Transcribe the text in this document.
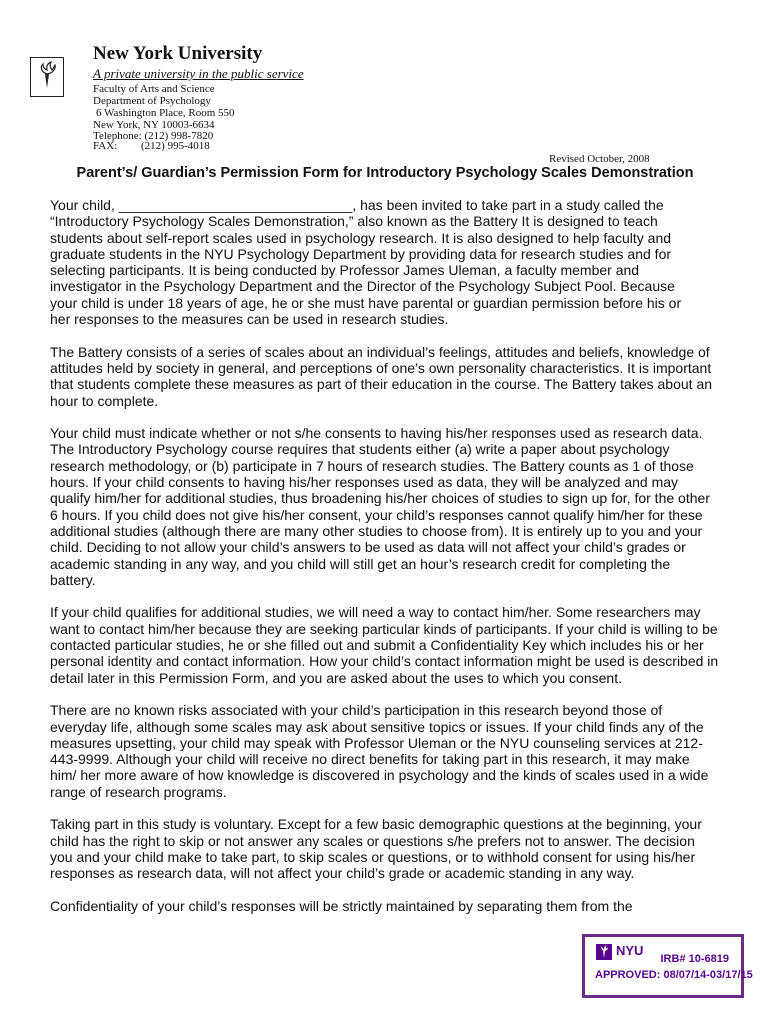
New York University
A private university in the public service
Faculty of Arts and Science
Department of Psychology
6 Washington Place, Room 550
New York, NY 10003-6634
Telephone: (212) 998-7820
FAX: (212) 995-4018
Revised October, 2008
Parent’s/ Guardian’s Permission Form for Introductory Psychology Scales Demonstration

Your child, ______________________________, has been invited to take part in a study called the
“Introductory Psychology Scales Demonstration,” also known as the Battery It is designed to teach
students about self-report scales used in psychology research. It is also designed to help faculty and
graduate students in the NYU Psychology Department by providing data for research studies and for
selecting participants. It is being conducted by Professor James Uleman, a faculty member and
investigator in the Psychology Department and the Director of the Psychology Subject Pool. Because
your child is under 18 years of age, he or she must have parental or guardian permission before his or
her responses to the measures can be used in research studies.

The Battery consists of a series of scales about an individual’s feelings, attitudes and beliefs, knowledge of
attitudes held by society in general, and perceptions of one’s own personality characteristics. It is important
that students complete these measures as part of their education in the course. The Battery takes about an
hour to complete.

Your child must indicate whether or not s/he consents to having his/her responses used as research data.
The Introductory Psychology course requires that students either (a) write a paper about psychology
research methodology, or (b) participate in 7 hours of research studies. The Battery counts as 1 of those
hours. If your child consents to having his/her responses used as data, they will be analyzed and may
qualify him/her for additional studies, thus broadening his/her choices of studies to sign up for, for the other
6 hours. If you child does not give his/her consent, your child’s responses cannot qualify him/her for these
additional studies (although there are many other studies to choose from). It is entirely up to you and your
child. Deciding to not allow your child’s answers to be used as data will not affect your child’s grades or
academic standing in any way, and you child will still get an hour’s research credit for completing the
battery.

If your child qualifies for additional studies, we will need a way to contact him/her. Some researchers may
want to contact him/her because they are seeking particular kinds of participants. If your child is willing to be
contacted particular studies, he or she filled out and submit a Confidentiality Key which includes his or her
personal identity and contact information. How your child’s contact information might be used is described in
detail later in this Permission Form, and you are asked about the uses to which you consent.

There are no known risks associated with your child’s participation in this research beyond those of
everyday life, although some scales may ask about sensitive topics or issues. If your child finds any of the
measures upsetting, your child may speak with Professor Uleman or the NYU counseling services at 212-
443-9999. Although your child will receive no direct benefits for taking part in this research, it may make
him/ her more aware of how knowledge is discovered in psychology and the kinds of scales used in a wide
range of research programs.

Taking part in this study is voluntary. Except for a few basic demographic questions at the beginning, your
child has the right to skip or not answer any scales or questions s/he prefers not to answer. The decision
you and your child make to take part, to skip scales or questions, or to withhold consent for using his/her
responses as research data, will not affect your child’s grade or academic standing in any way.

Confidentiality of your child’s responses will be strictly maintained by separating them from the

NYU
IRB# 10-6819
APPROVED: 08/07/14-03/17/15
